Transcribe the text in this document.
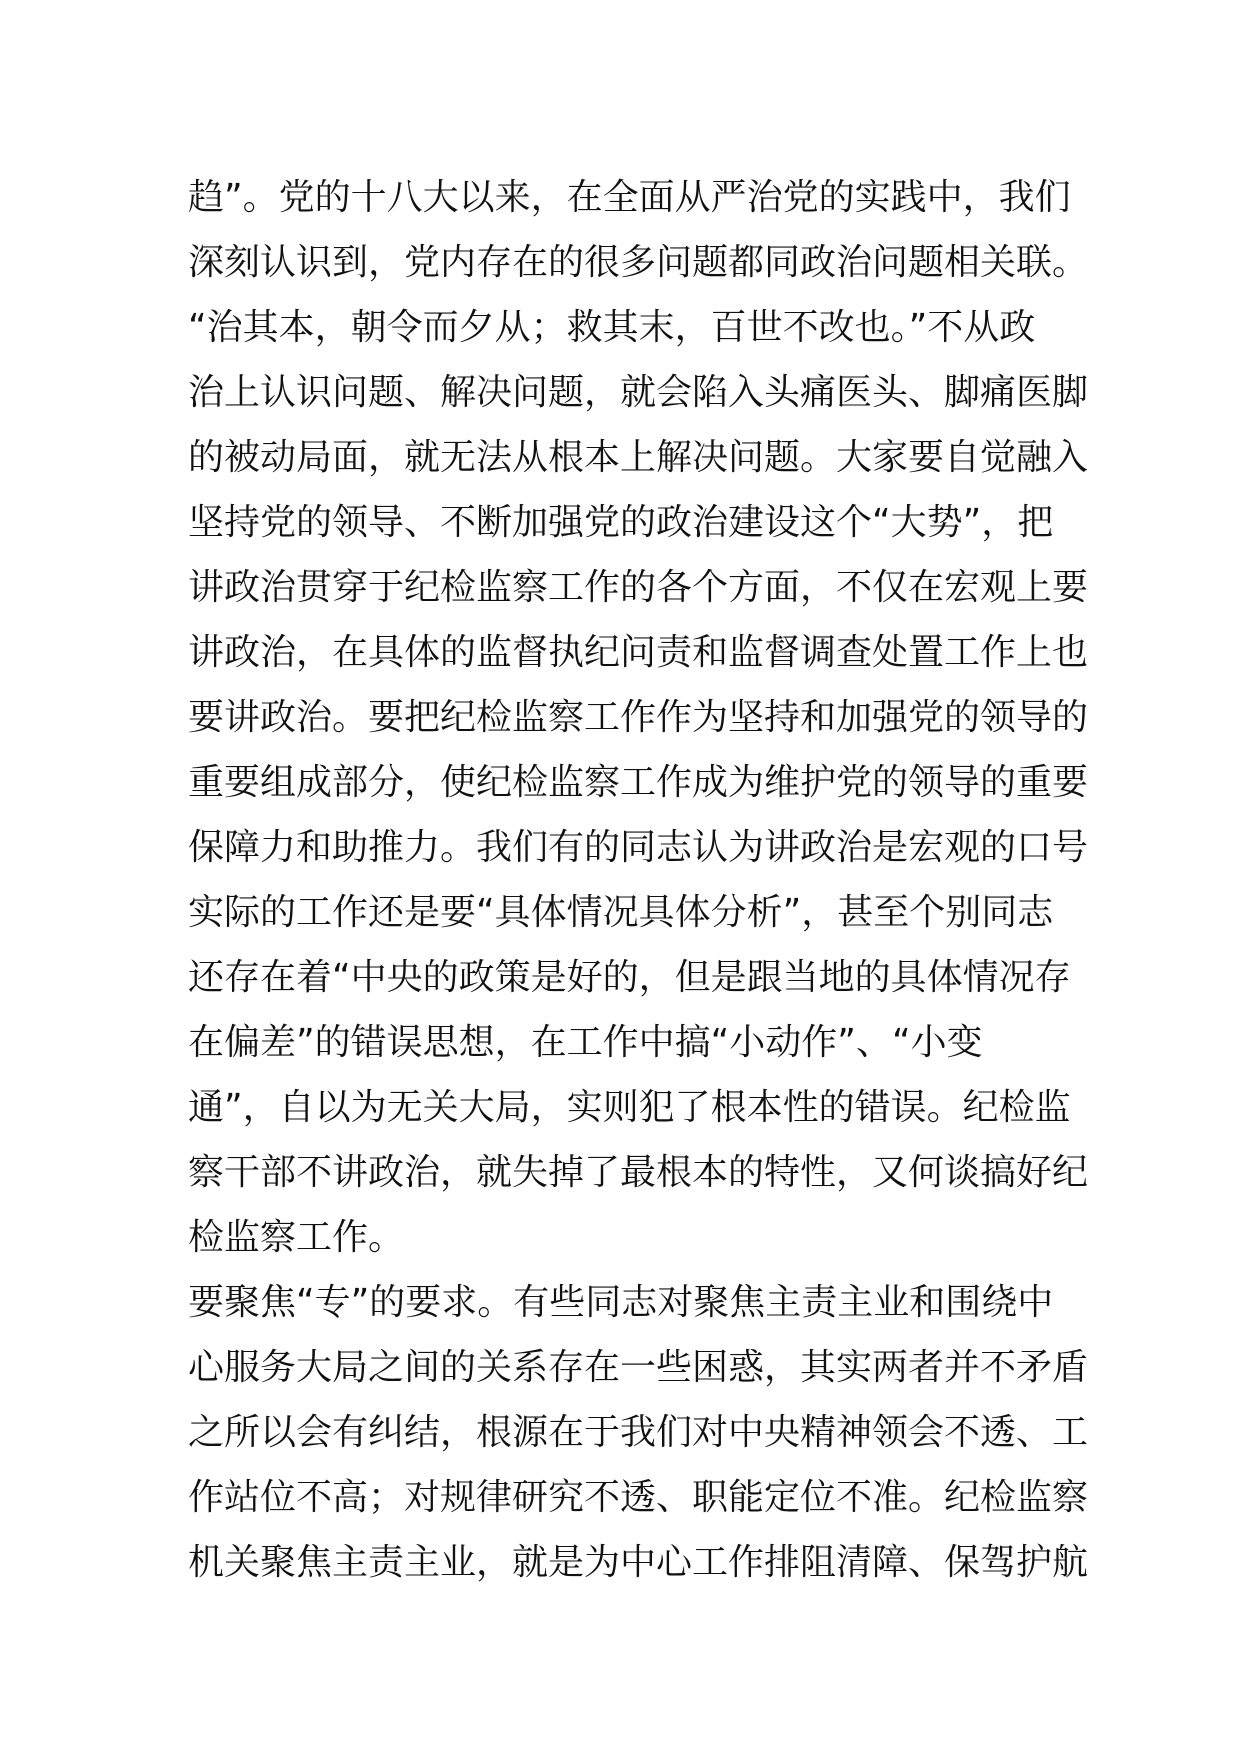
趋”。党的十八大以来，在全面从严治党的实践中，我们
深刻认识到，党内存在的很多问题都同政治问题相关联。
“治其本，朝令而夕从；救其末，百世不改也。”不从政
治上认识问题、解决问题，就会陷入头痛医头、脚痛医脚
的被动局面，就无法从根本上解决问题。大家要自觉融入
坚持党的领导、不断加强党的政治建设这个“大势”，把
讲政治贯穿于纪检监察工作的各个方面，不仅在宏观上要
讲政治，在具体的监督执纪问责和监督调查处置工作上也
要讲政治。要把纪检监察工作作为坚持和加强党的领导的
重要组成部分，使纪检监察工作成为维护党的领导的重要
保障力和助推力。我们有的同志认为讲政治是宏观的口号
实际的工作还是要“具体情况具体分析”，甚至个别同志
还存在着“中央的政策是好的，但是跟当地的具体情况存
在偏差”的错误思想，在工作中搞“小动作”、“小变
通”，自以为无关大局，实则犯了根本性的错误。纪检监
察干部不讲政治，就失掉了最根本的特性，又何谈搞好纪
检监察工作。
要聚焦“专”的要求。有些同志对聚焦主责主业和围绕中
心服务大局之间的关系存在一些困惑，其实两者并不矛盾
之所以会有纠结，根源在于我们对中央精神领会不透、工
作站位不高；对规律研究不透、职能定位不准。纪检监察
机关聚焦主责主业，就是为中心工作排阻清障、保驾护航
